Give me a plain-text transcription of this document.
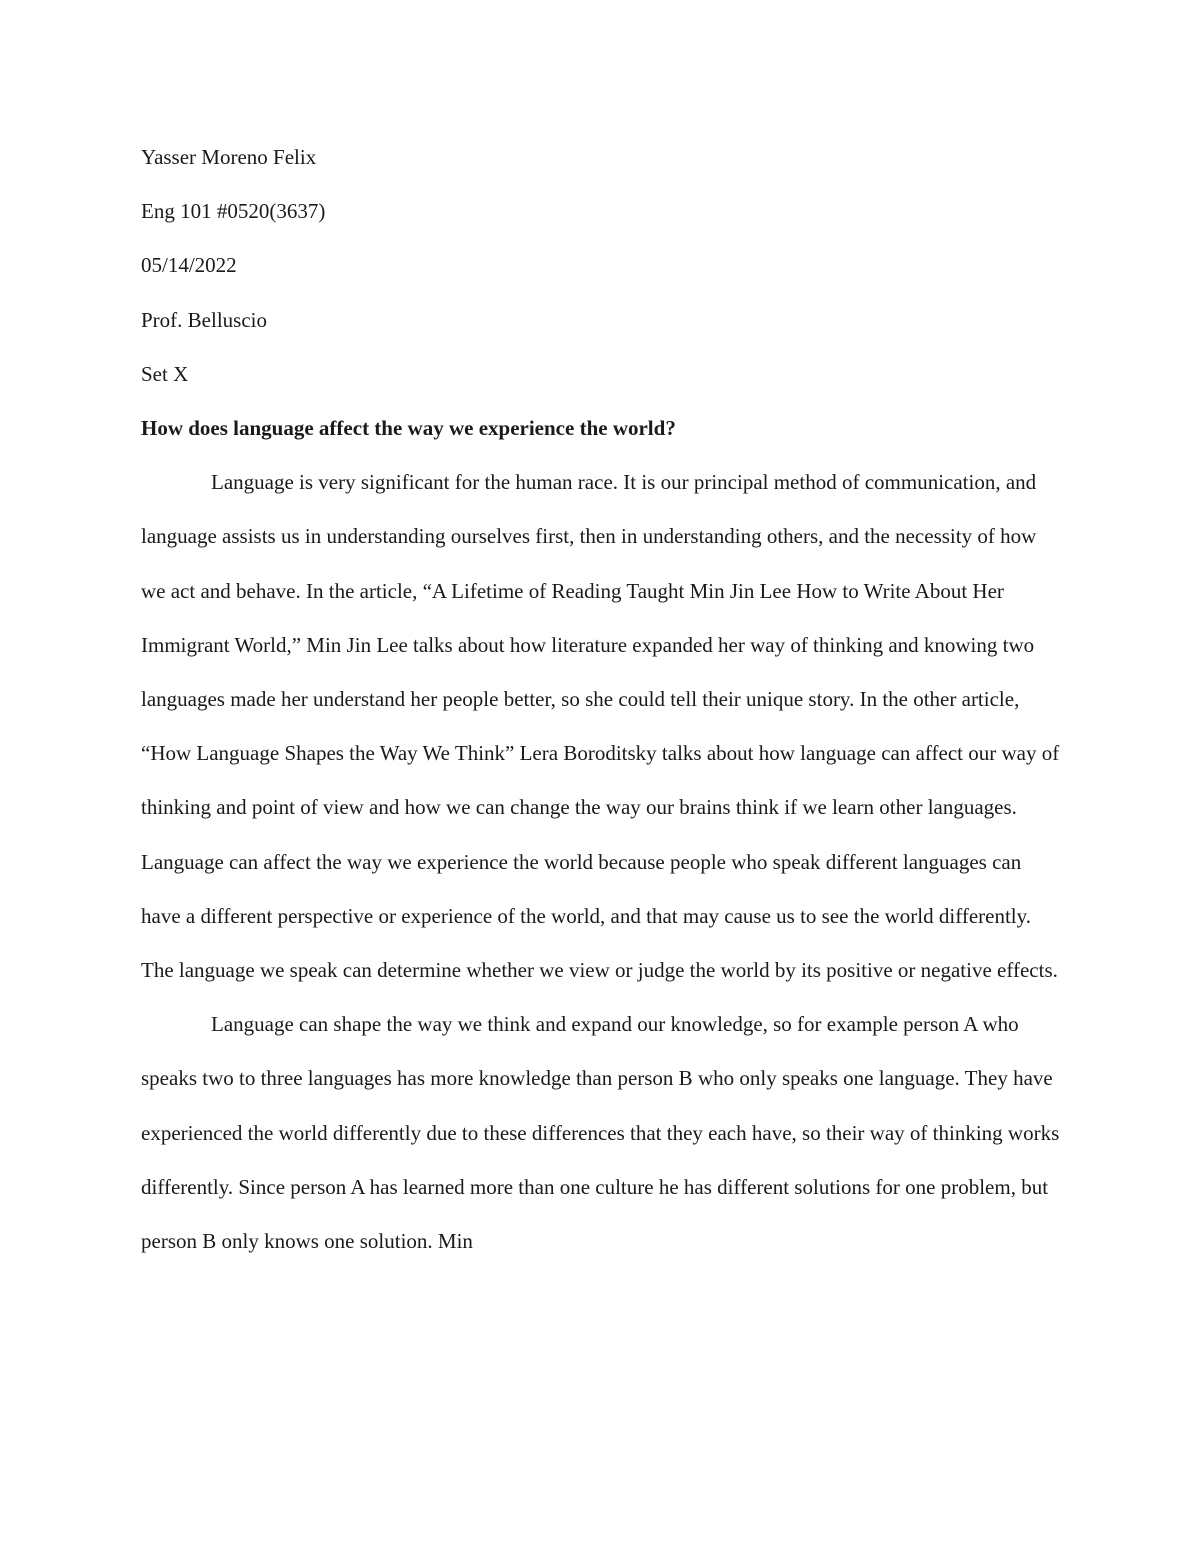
Yasser Moreno Felix

Eng 101 #0520(3637)

05/14/2022

Prof. Belluscio

Set X

How does language affect the way we experience the world?

Language is very significant for the human race. It is our principal method of communication, and language assists us in understanding ourselves first, then in understanding others, and the necessity of how we act and behave. In the article, “A Lifetime of Reading Taught Min Jin Lee How to Write About Her Immigrant World,” Min Jin Lee talks about how literature expanded her way of thinking and knowing two languages made her understand her people better, so she could tell their unique story. In the other article, “How Language Shapes the Way We Think” Lera Boroditsky talks about how language can affect our way of thinking and point of view and how we can change the way our brains think if we learn other languages. Language can affect the way we experience the world because people who speak different languages can have a different perspective or experience of the world, and that may cause us to see the world differently. The language we speak can determine whether we view or judge the world by its positive or negative effects.

Language can shape the way we think and expand our knowledge, so for example person A who speaks two to three languages has more knowledge than person B who only speaks one language. They have experienced the world differently due to these differences that they each have, so their way of thinking works differently. Since person A has learned more than one culture he has different solutions for one problem, but person B only knows one solution. Min
